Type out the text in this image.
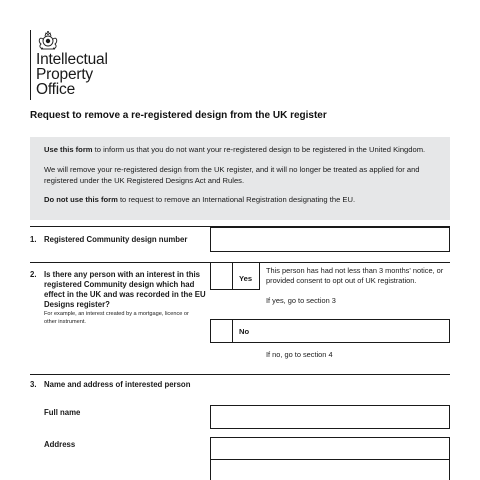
Intellectual
Property
Office
Request to remove a re-registered design from the UK register

Use this form to inform us that you do not want your re-registered design to be registered in the United Kingdom.

We will remove your re-registered design from the UK register, and it will no longer be treated as applied for and registered under the UK Registered Designs Act and Rules.

Do not use this form to request to remove an International Registration designating the EU.

1. Registered Community design number
2. Is there any person with an interest in this registered Community design which had effect in the UK and was recorded in the EU Designs register?
For example, an interest created by a mortgage, licence or other instrument.
Yes
This person has had not less than 3 months' notice, or provided consent to opt out of UK registration.
If yes, go to section 3
No
If no, go to section 4
3. Name and address of interested person
Full name
Address
